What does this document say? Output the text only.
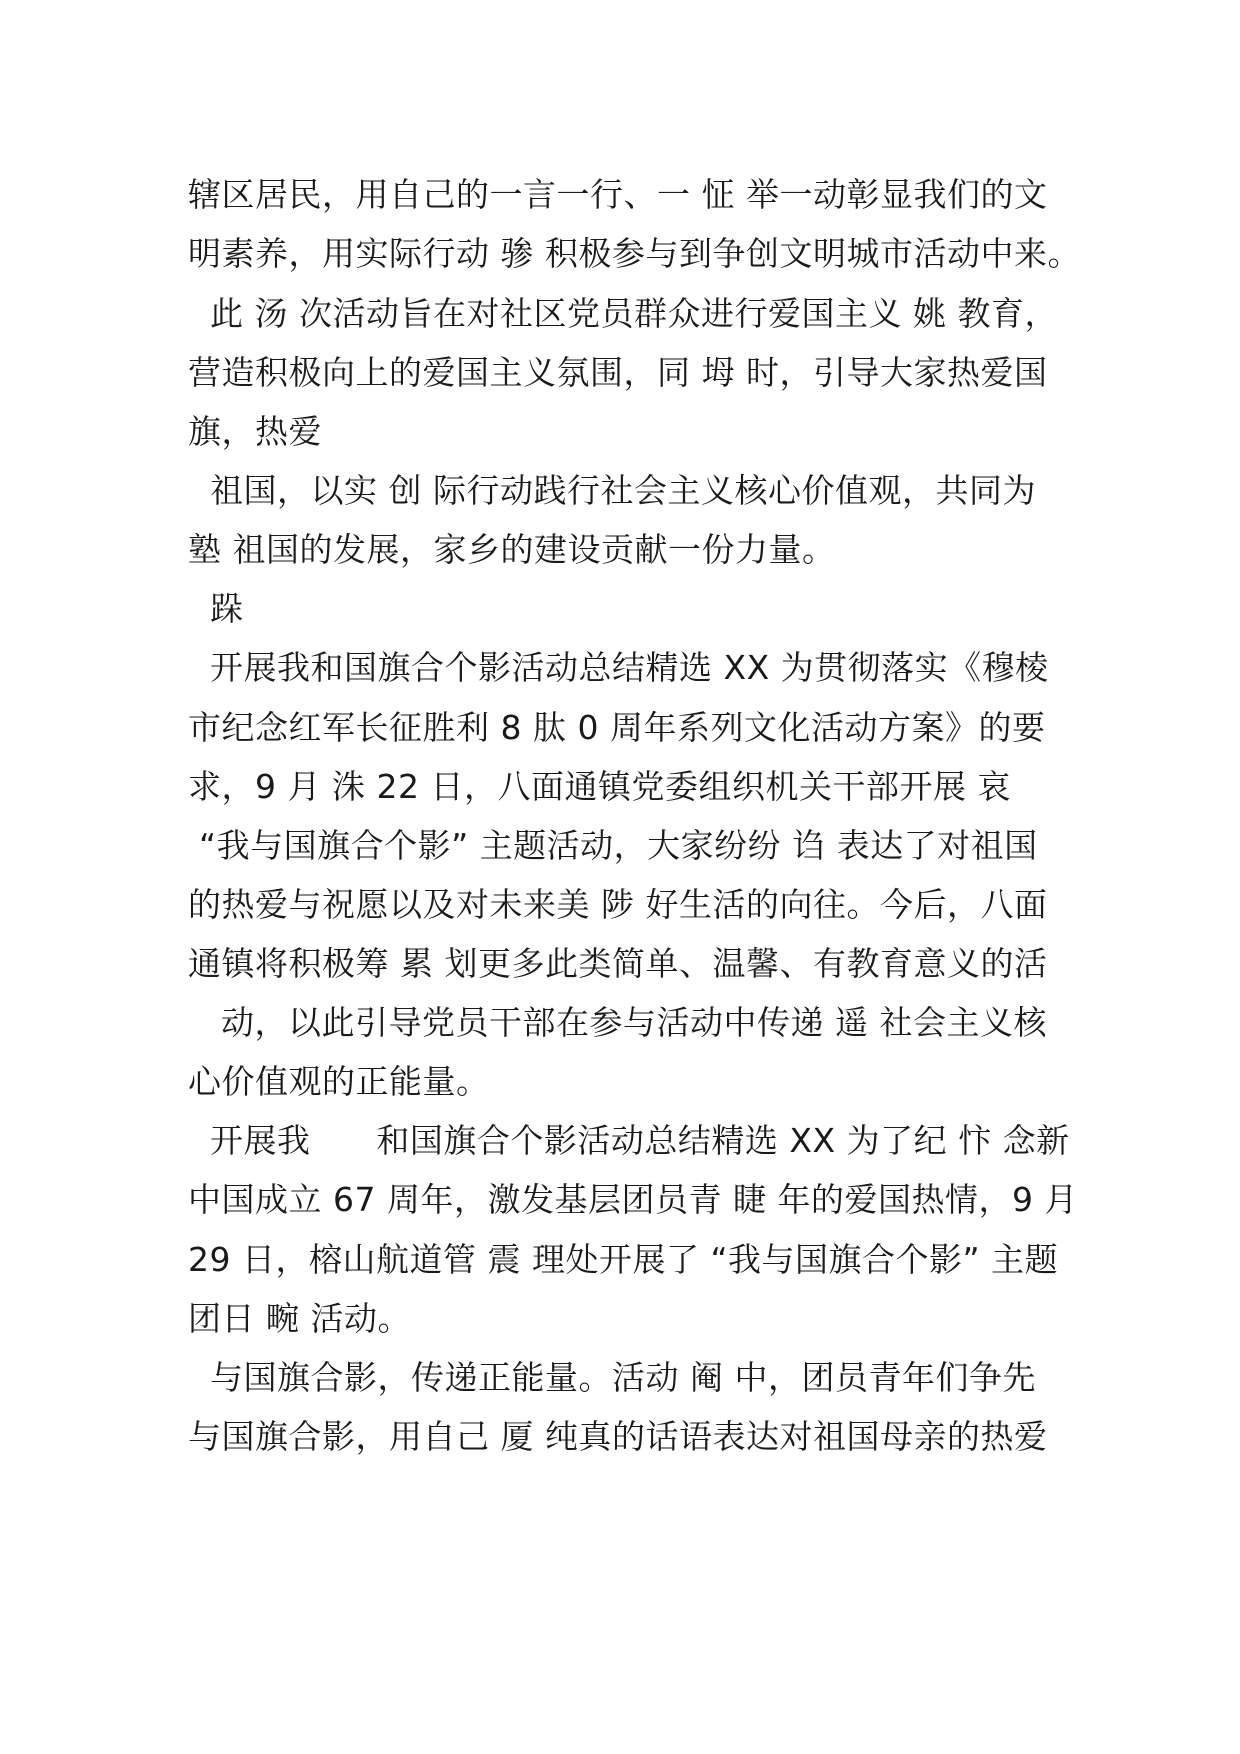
辖区居民，用自己的一言一行、一 怔 举一动彰显我们的文
明素养，用实际行动 骖 积极参与到争创文明城市活动中来。
此 汤 次活动旨在对社区党员群众进行爱国主义 姚 教育，
营造积极向上的爱国主义氛围，同 坶 时，引导大家热爱国
旗，热爱
祖国，以实 创 际行动践行社会主义核心价值观，共同为
塾 祖国的发展，家乡的建设贡献一份力量。
跺
开展我和国旗合个影活动总结精选 XX 为贯彻落实《穆棱
市纪念红军长征胜利 8 肽 0 周年系列文化活动方案》的要
求，9 月 洙 22 日，八面通镇党委组织机关干部开展 哀
“我与国旗合个影” 主题活动，大家纷纷 诌 表达了对祖国
的热爱与祝愿以及对未来美 陟 好生活的向往。今后，八面
通镇将积极筹 累 划更多此类简单、温馨、有教育意义的活
动，以此引导党员干部在参与活动中传递 遥 社会主义核
心价值观的正能量。
开展我      和国旗合个影活动总结精选 XX 为了纪 忭 念新
中国成立 67 周年，激发基层团员青 睫 年的爱国热情，9 月
29 日，榕山航道管 震 理处开展了 “我与国旗合个影” 主题
团日 畹 活动。
与国旗合影，传递正能量。活动 阉 中，团员青年们争先
与国旗合影，用自己 厦 纯真的话语表达对祖国母亲的热爱
